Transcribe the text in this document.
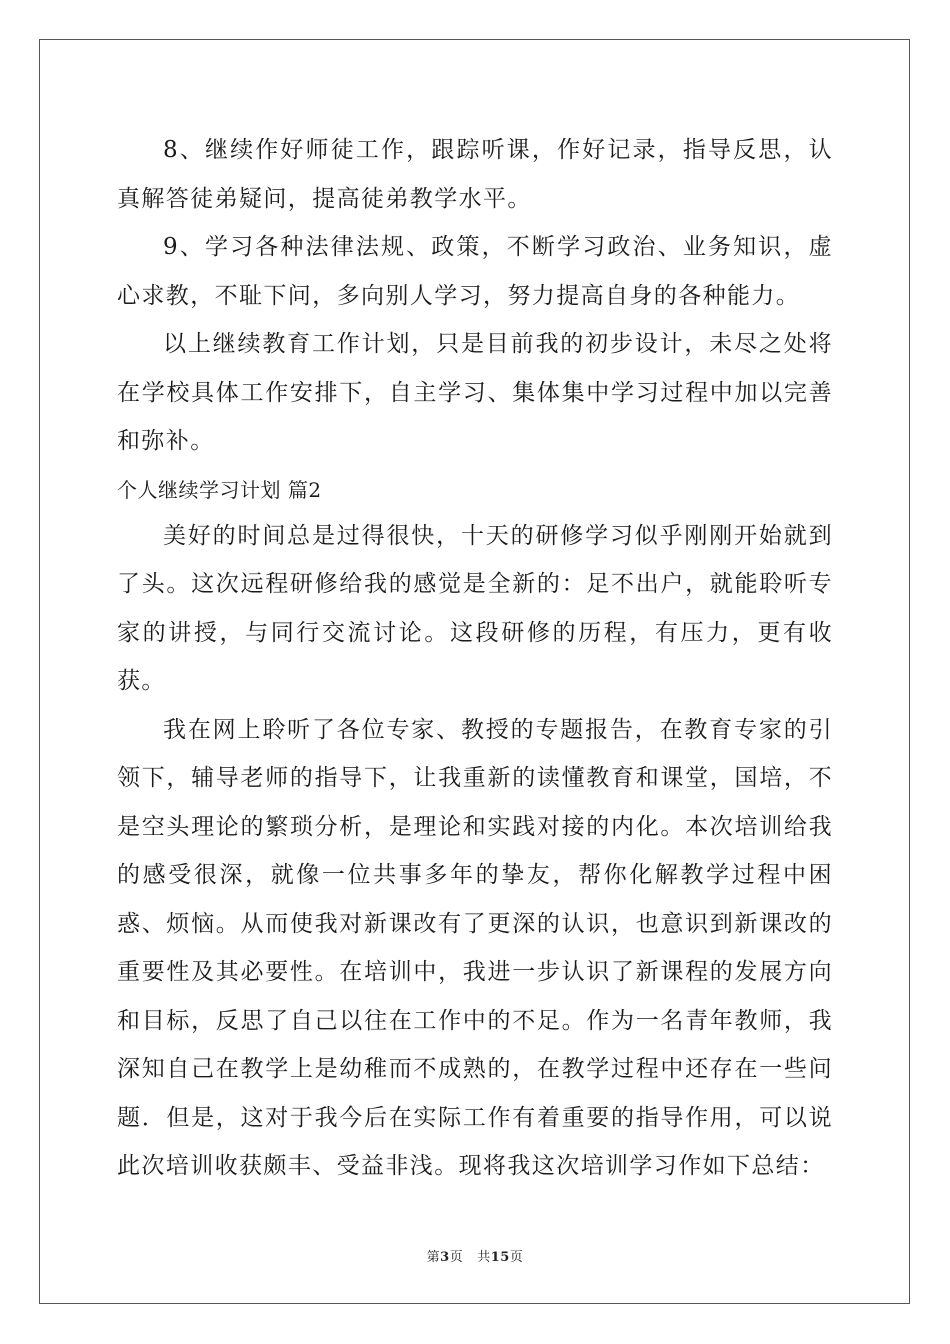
8、继续作好师徒工作，跟踪听课，作好记录，指导反思，认真解答徒弟疑问，提高徒弟教学水平。

9、学习各种法律法规、政策，不断学习政治、业务知识，虚心求教，不耻下问，多向别人学习，努力提高自身的各种能力。

以上继续教育工作计划，只是目前我的初步设计，未尽之处将在学校具体工作安排下，自主学习、集体集中学习过程中加以完善和弥补。

个人继续学习计划 篇2

美好的时间总是过得很快，十天的研修学习似乎刚刚开始就到了头。这次远程研修给我的感觉是全新的：足不出户，就能聆听专家的讲授，与同行交流讨论。这段研修的历程，有压力，更有收获。

我在网上聆听了各位专家、教授的专题报告，在教育专家的引领下，辅导老师的指导下，让我重新的读懂教育和课堂，国培，不是空头理论的繁琐分析，是理论和实践对接的内化。本次培训给我的感受很深，就像一位共事多年的挚友，帮你化解教学过程中困惑、烦恼。从而使我对新课改有了更深的认识，也意识到新课改的重要性及其必要性。在培训中，我进一步认识了新课程的发展方向和目标，反思了自己以往在工作中的不足。作为一名青年教师，我深知自己在教学上是幼稚而不成熟的，在教学过程中还存在一些问题．但是，这对于我今后在实际工作有着重要的指导作用，可以说此次培训收获颇丰、受益非浅。现将我这次培训学习作如下总结：

第3页 共15页
